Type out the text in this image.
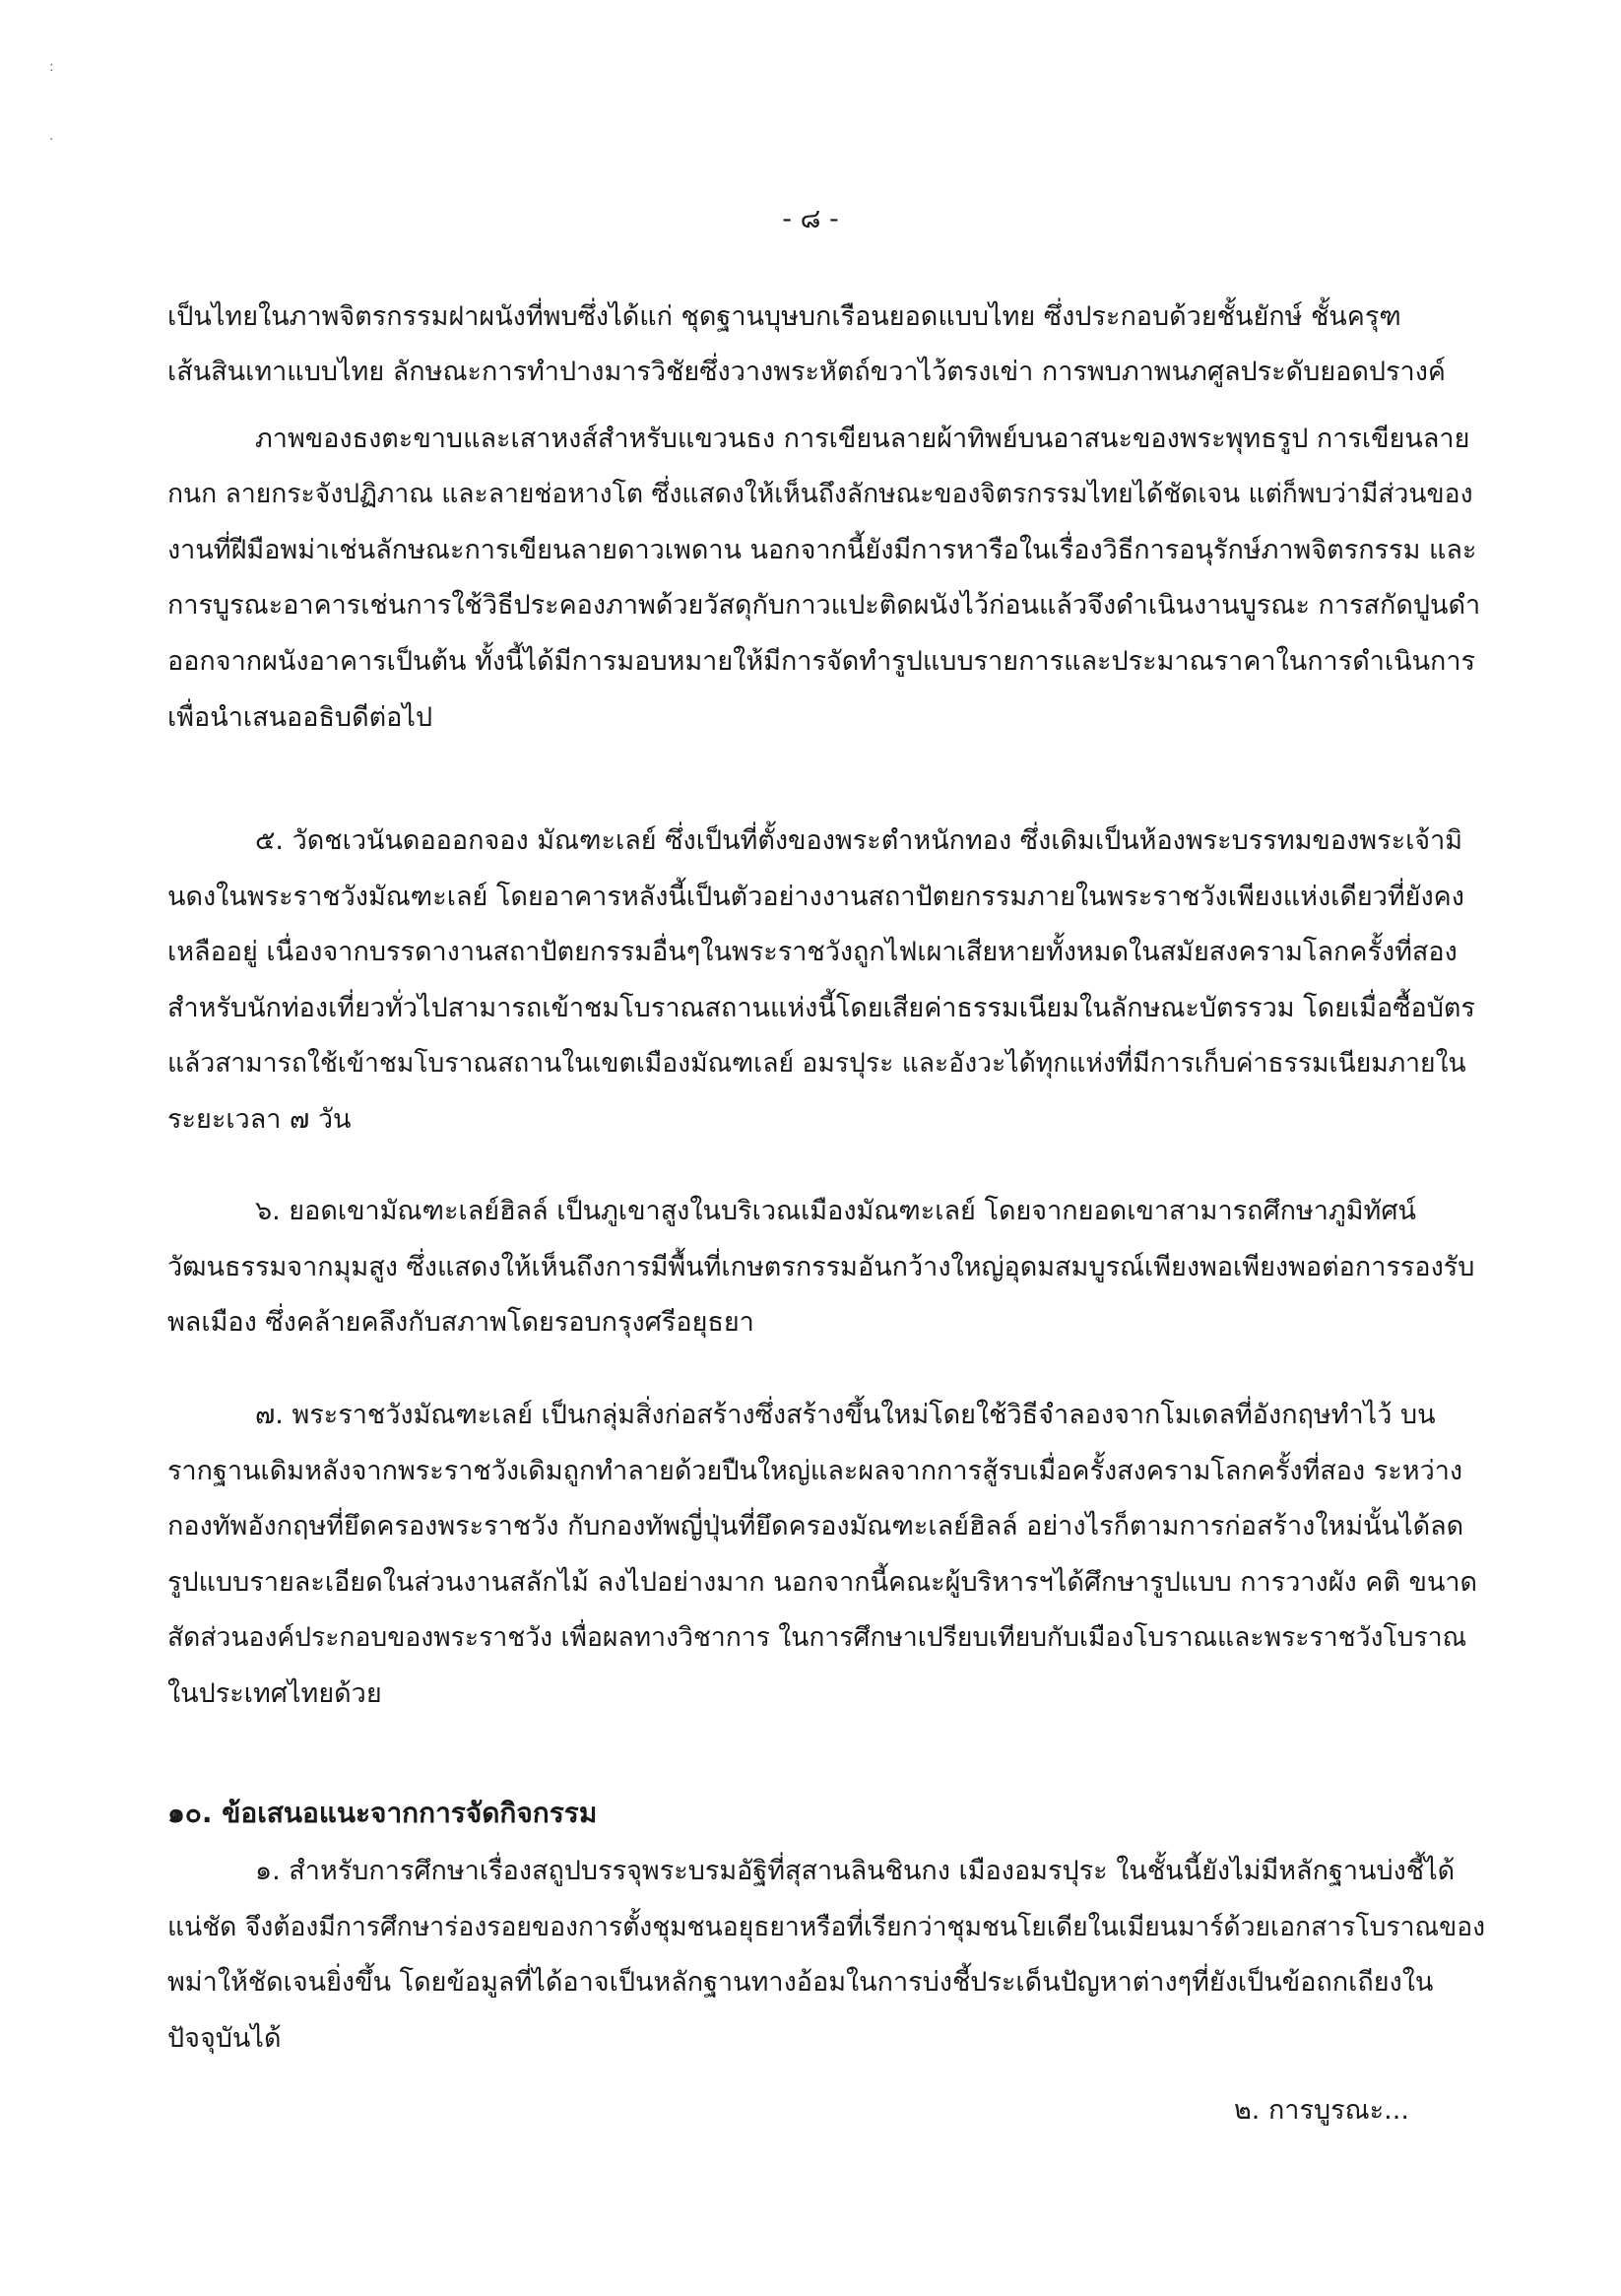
:
.
- ๘ -
เป็นไทยในภาพจิตรกรรมฝาผนังที่พบซึ่งได้แก่ ชุดฐานบุษบกเรือนยอดแบบไทย ซึ่งประกอบด้วยชั้นยักษ์ ชั้นครุฑ
เส้นสินเทาแบบไทย ลักษณะการทำปางมารวิชัยซึ่งวางพระหัตถ์ขวาไว้ตรงเข่า การพบภาพนภศูลประดับยอดปรางค์
ภาพของธงตะขาบและเสาหงส์สำหรับแขวนธง การเขียนลายผ้าทิพย์บนอาสนะของพระพุทธรูป การเขียนลาย
กนก ลายกระจังปฏิภาณ และลายช่อหางโต ซึ่งแสดงให้เห็นถึงลักษณะของจิตรกรรมไทยได้ชัดเจน แต่ก็พบว่ามีส่วนของ
งานที่ฝีมือพม่าเช่นลักษณะการเขียนลายดาวเพดาน นอกจากนี้ยังมีการหารือในเรื่องวิธีการอนุรักษ์ภาพจิตรกรรม และ
การบูรณะอาคารเช่นการใช้วิธีประคองภาพด้วยวัสดุกับกาวแปะติดผนังไว้ก่อนแล้วจึงดำเนินงานบูรณะ การสกัดปูนดำ
ออกจากผนังอาคารเป็นต้น ทั้งนี้ได้มีการมอบหมายให้มีการจัดทำรูปแบบรายการและประมาณราคาในการดำเนินการ
เพื่อนำเสนออธิบดีต่อไป
๕. วัดชเวนันดอออกจอง มัณฑะเลย์ ซึ่งเป็นที่ตั้งของพระตำหนักทอง ซึ่งเดิมเป็นห้องพระบรรทมของพระเจ้ามิ
นดงในพระราชวังมัณฑะเลย์ โดยอาคารหลังนี้เป็นตัวอย่างงานสถาปัตยกรรมภายในพระราชวังเพียงแห่งเดียวที่ยังคง
เหลืออยู่ เนื่องจากบรรดางานสถาปัตยกรรมอื่นๆในพระราชวังถูกไฟเผาเสียหายทั้งหมดในสมัยสงครามโลกครั้งที่สอง
สำหรับนักท่องเที่ยวทั่วไปสามารถเข้าชมโบราณสถานแห่งนี้โดยเสียค่าธรรมเนียมในลักษณะบัตรรวม โดยเมื่อซื้อบัตร
แล้วสามารถใช้เข้าชมโบราณสถานในเขตเมืองมัณฑเลย์ อมรปุระ และอังวะได้ทุกแห่งที่มีการเก็บค่าธรรมเนียมภายใน
ระยะเวลา ๗ วัน
๖. ยอดเขามัณฑะเลย์ฮิลล์ เป็นภูเขาสูงในบริเวณเมืองมัณฑะเลย์ โดยจากยอดเขาสามารถศึกษาภูมิทัศน์
วัฒนธรรมจากมุมสูง ซึ่งแสดงให้เห็นถึงการมีพื้นที่เกษตรกรรมอันกว้างใหญ่อุดมสมบูรณ์เพียงพอเพียงพอต่อการรองรับ
พลเมือง ซึ่งคล้ายคลึงกับสภาพโดยรอบกรุงศรีอยุธยา
๗. พระราชวังมัณฑะเลย์ เป็นกลุ่มสิ่งก่อสร้างซึ่งสร้างขึ้นใหม่โดยใช้วิธีจำลองจากโมเดลที่อังกฤษทำไว้ บน
รากฐานเดิมหลังจากพระราชวังเดิมถูกทำลายด้วยปืนใหญ่และผลจากการสู้รบเมื่อครั้งสงครามโลกครั้งที่สอง ระหว่าง
กองทัพอังกฤษที่ยึดครองพระราชวัง กับกองทัพญี่ปุ่นที่ยึดครองมัณฑะเลย์ฮิลล์ อย่างไรก็ตามการก่อสร้างใหม่นั้นได้ลด
รูปแบบรายละเอียดในส่วนงานสลักไม้ ลงไปอย่างมาก นอกจากนี้คณะผู้บริหารฯได้ศึกษารูปแบบ การวางผัง คติ ขนาด
สัดส่วนองค์ประกอบของพระราชวัง เพื่อผลทางวิชาการ ในการศึกษาเปรียบเทียบกับเมืองโบราณและพระราชวังโบราณ
ในประเทศไทยด้วย
๑๐. ข้อเสนอแนะจากการจัดกิจกรรม
๑. สำหรับการศึกษาเรื่องสถูปบรรจุพระบรมอัฐิที่สุสานลินชินกง เมืองอมรปุระ ในชั้นนี้ยังไม่มีหลักฐานบ่งชี้ได้
แน่ชัด จึงต้องมีการศึกษาร่องรอยของการตั้งชุมชนอยุธยาหรือที่เรียกว่าชุมชนโยเดียในเมียนมาร์ด้วยเอกสารโบราณของ
พม่าให้ชัดเจนยิ่งขึ้น โดยข้อมูลที่ได้อาจเป็นหลักฐานทางอ้อมในการบ่งชี้ประเด็นปัญหาต่างๆที่ยังเป็นข้อถกเถียงใน
ปัจจุบันได้
๒. การบูรณะ...
